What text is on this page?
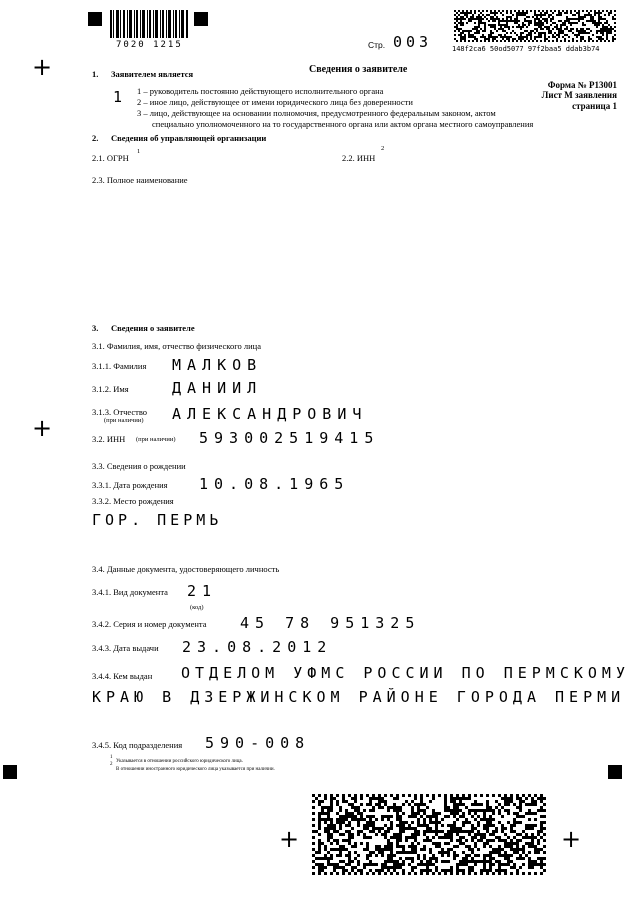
+
+
+	+
7020 1215	Стр. 003	148f2ca6 50od5077 97f2baa5 ddab3b74
Сведения о заявителе
Форма № Р13001
Лист М заявления
страница 1
1. Заявителем является
1 1 – руководитель постоянно действующего исполнительного органа
2 – иное лицо, действующее от имени юридического лица без доверенности
3 – лицо, действующее на основании полномочия, предусмотренного федеральным законом, актом
специально уполномоченного на то государственного органа или актом органа местного самоуправления
2. Сведения об управляющей организации
2.1. ОГРН
1
2.2. ИНН
2
2.3. Полное наименование
3. Сведения о заявителе
3.1. Фамилия, имя, отчество физического лица
3.1.1. Фамилия МАЛКОВ
3.1.2. Имя	ДАНИИЛ
3.1.3. Отчество
(при наличии) АЛЕКСАНДРОВИЧ
3.2. ИНН (при наличии) 593002519415
3.3. Сведения о рождении
3.3.1. Дата рождения 10.08.1965
3.3.2. Место рождения
ГОР. ПЕРМЬ
3.4. Данные документа, удостоверяющего личность
3.4.1. Вид документа 21
(код)
3.4.2. Серия и номер документа 45 78 951325
3.4.3. Дата выдачи 23.08.2012
3.4.4. Кем выдан ОТДЕЛОМ УФМС РОССИИ ПО ПЕРМСКОМУ
КРАЮ В ДЗЕРЖИНСКОМ РАЙОНЕ ГОРОДА ПЕРМИ
3.4.5. Код подразделения 590-008
1
Указывается в отношении российского юридического лица.
2
В отношении иностранного юридического лица указывается при наличии.
